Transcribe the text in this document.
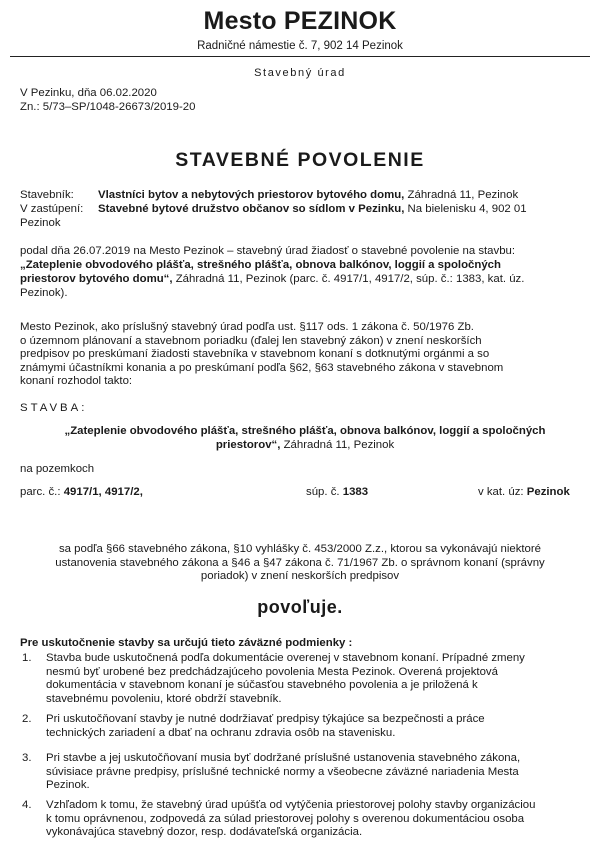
Mesto PEZINOK
Radničné námestie č. 7, 902 14 Pezinok
Stavebný úrad
V Pezinku, dňa 06.02.2020
Zn.: 5/73–SP/1048-26673/2019-20
STAVEBNÉ POVOLENIE
Stavebník: Vlastníci bytov a nebytových priestorov bytového domu, Záhradná 11, Pezinok
V zastúpení: Stavebné bytové družstvo občanov so sídlom v Pezinku, Na bielenisku 4, 902 01
Pezinok
podal dňa 26.07.2019 na Mesto Pezinok – stavebný úrad žiadosť o stavebné povolenie na stavbu:
„Zateplenie obvodového plášťa, strešného plášťa, obnova balkónov, loggií a spoločných
priestorov bytového domu“, Záhradná 11, Pezinok (parc. č. 4917/1, 4917/2, súp. č.: 1383, kat. úz.
Pezinok).
Mesto Pezinok, ako príslušný stavebný úrad podľa ust. §117 ods. 1 zákona č. 50/1976 Zb.
o územnom plánovaní a stavebnom poriadku (ďalej len stavebný zákon) v znení neskorších
predpisov po preskúmaní žiadosti stavebníka v stavebnom konaní s dotknutými orgánmi a so
známymi účastníkmi konania a po preskúmaní podľa §62, §63 stavebného zákona v stavebnom
konaní rozhodol takto:
STAVBA:
„Zateplenie obvodového plášťa, strešného plášťa, obnova balkónov, loggií a spoločných
priestorov“, Záhradná 11, Pezinok
na pozemkoch
parc. č.: 4917/1, 4917/2,	súp. č. 1383	v kat. úz: Pezinok
sa podľa §66 stavebného zákona, §10 vyhlášky č. 453/2000 Z.z., ktorou sa vykonávajú niektoré
ustanovenia stavebného zákona a §46 a §47 zákona č. 71/1967 Zb. o správnom konaní (správny
poriadok) v znení neskorších predpisov
povoľuje.
Pre uskutočnenie stavby sa určujú tieto záväzné podmienky :
1.	Stavba bude uskutočnená podľa dokumentácie overenej v stavebnom konaní. Prípadné zmeny
nesmú byť urobené bez predchádzajúceho povolenia Mesta Pezinok. Overená projektová
dokumentácia v stavebnom konaní je súčasťou stavebného povolenia a je priložená k
stavebnému povoleniu, ktoré obdrží stavebník.
2.	Pri uskutočňovaní stavby je nutné dodržiavať predpisy týkajúce sa bezpečnosti a práce
technických zariadení a dbať na ochranu zdravia osôb na stavenisku.
3.	Pri stavbe a jej uskutočňovaní musia byť dodržané príslušné ustanovenia stavebného zákona,
súvisiace právne predpisy, príslušné technické normy a všeobecne záväzné nariadenia Mesta
Pezinok.
4.	Vzhľadom k tomu, že stavebný úrad upúšťa od vytýčenia priestorovej polohy stavby organizáciou
k tomu oprávnenou, zodpovedá za súlad priestorovej polohy s overenou dokumentáciou osoba
vykonávajúca stavebný dozor, resp. dodávateľská organizácia.
